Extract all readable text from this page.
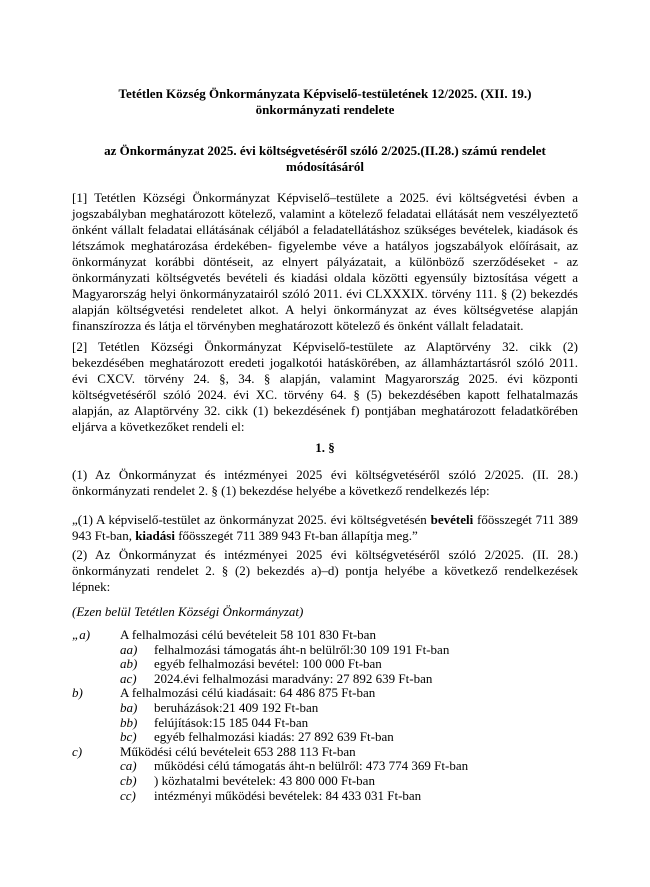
Tetétlen Község Önkormányzata Képviselő-testületének 12/2025. (XII. 19.)
önkormányzati rendelete
az Önkormányzat 2025. évi költségvetéséről szóló 2/2025.(II.28.) számú rendelet
módosításáról

[1] Tetétlen Községi Önkormányzat Képviselő–testülete a 2025. évi költségvetési évben a jogszabályban meghatározott kötelező, valamint a kötelező feladatai ellátását nem veszélyeztető önként vállalt feladatai ellátásának céljából a feladatellátáshoz szükséges bevételek, kiadások és létszámok meghatározása érdekében- figyelembe véve a hatályos jogszabályok előírásait, az önkormányzat korábbi döntéseit, az elnyert pályázatait, a különböző szerződéseket - az önkormányzati költségvetés bevételi és kiadási oldala közötti egyensúly biztosítása végett a Magyarország helyi önkormányzatairól szóló 2011. évi CLXXXIX. törvény 111. § (2) bekezdés alapján költségvetési rendeletet alkot. A helyi önkormányzat az éves költségvetése alapján finanszírozza és látja el törvényben meghatározott kötelező és önként vállalt feladatait.

[2] Tetétlen Községi Önkormányzat Képviselő-testülete az Alaptörvény 32. cikk (2) bekezdésében meghatározott eredeti jogalkotói hatáskörében, az államháztartásról szóló 2011. évi CXCV. törvény 24. §, 34. § alapján, valamint Magyarország 2025. évi központi költségvetéséről szóló 2024. évi XC. törvény 64. § (5) bekezdésében kapott felhatalmazás alapján, az Alaptörvény 32. cikk (1) bekezdésének f) pontjában meghatározott feladatkörében eljárva a következőket rendeli el:

1. §

(1) Az Önkormányzat és intézményei 2025 évi költségvetéséről szóló 2/2025. (II. 28.) önkormányzati rendelet 2. § (1) bekezdése helyébe a következő rendelkezés lép:

„(1) A képviselő-testület az önkormányzat 2025. évi költségvetésén bevételi főösszegét 711 389 943 Ft-ban, kiadási főösszegét 711 389 943 Ft-ban állapítja meg.”

(2) Az Önkormányzat és intézményei 2025 évi költségvetéséről szóló 2/2025. (II. 28.) önkormányzati rendelet 2. § (2) bekezdés a)–d) pontja helyébe a következő rendelkezések lépnek:

(Ezen belül Tetétlen Községi Önkormányzat)

„a)	A felhalmozási célú bevételeit 58 101 830 Ft-ban
aa)	felhalmozási támogatás áht-n belülről:30 109 191 Ft-ban
ab)	egyéb felhalmozási bevétel: 100 000 Ft-ban
ac)	2024.évi felhalmozási maradvány: 27 892 639 Ft-ban
b)	A felhalmozási célú kiadásait: 64 486 875 Ft-ban
ba)	beruházások:21 409 192 Ft-ban
bb)	felújítások:15 185 044 Ft-ban
bc)	egyéb felhalmozási kiadás: 27 892 639 Ft-ban
c)	Működési célú bevételeit 653 288 113 Ft-ban
ca)	működési célú támogatás áht-n belülről: 473 774 369 Ft-ban
cb)	) közhatalmi bevételek: 43 800 000 Ft-ban
cc)	intézményi működési bevételek: 84 433 031 Ft-ban
